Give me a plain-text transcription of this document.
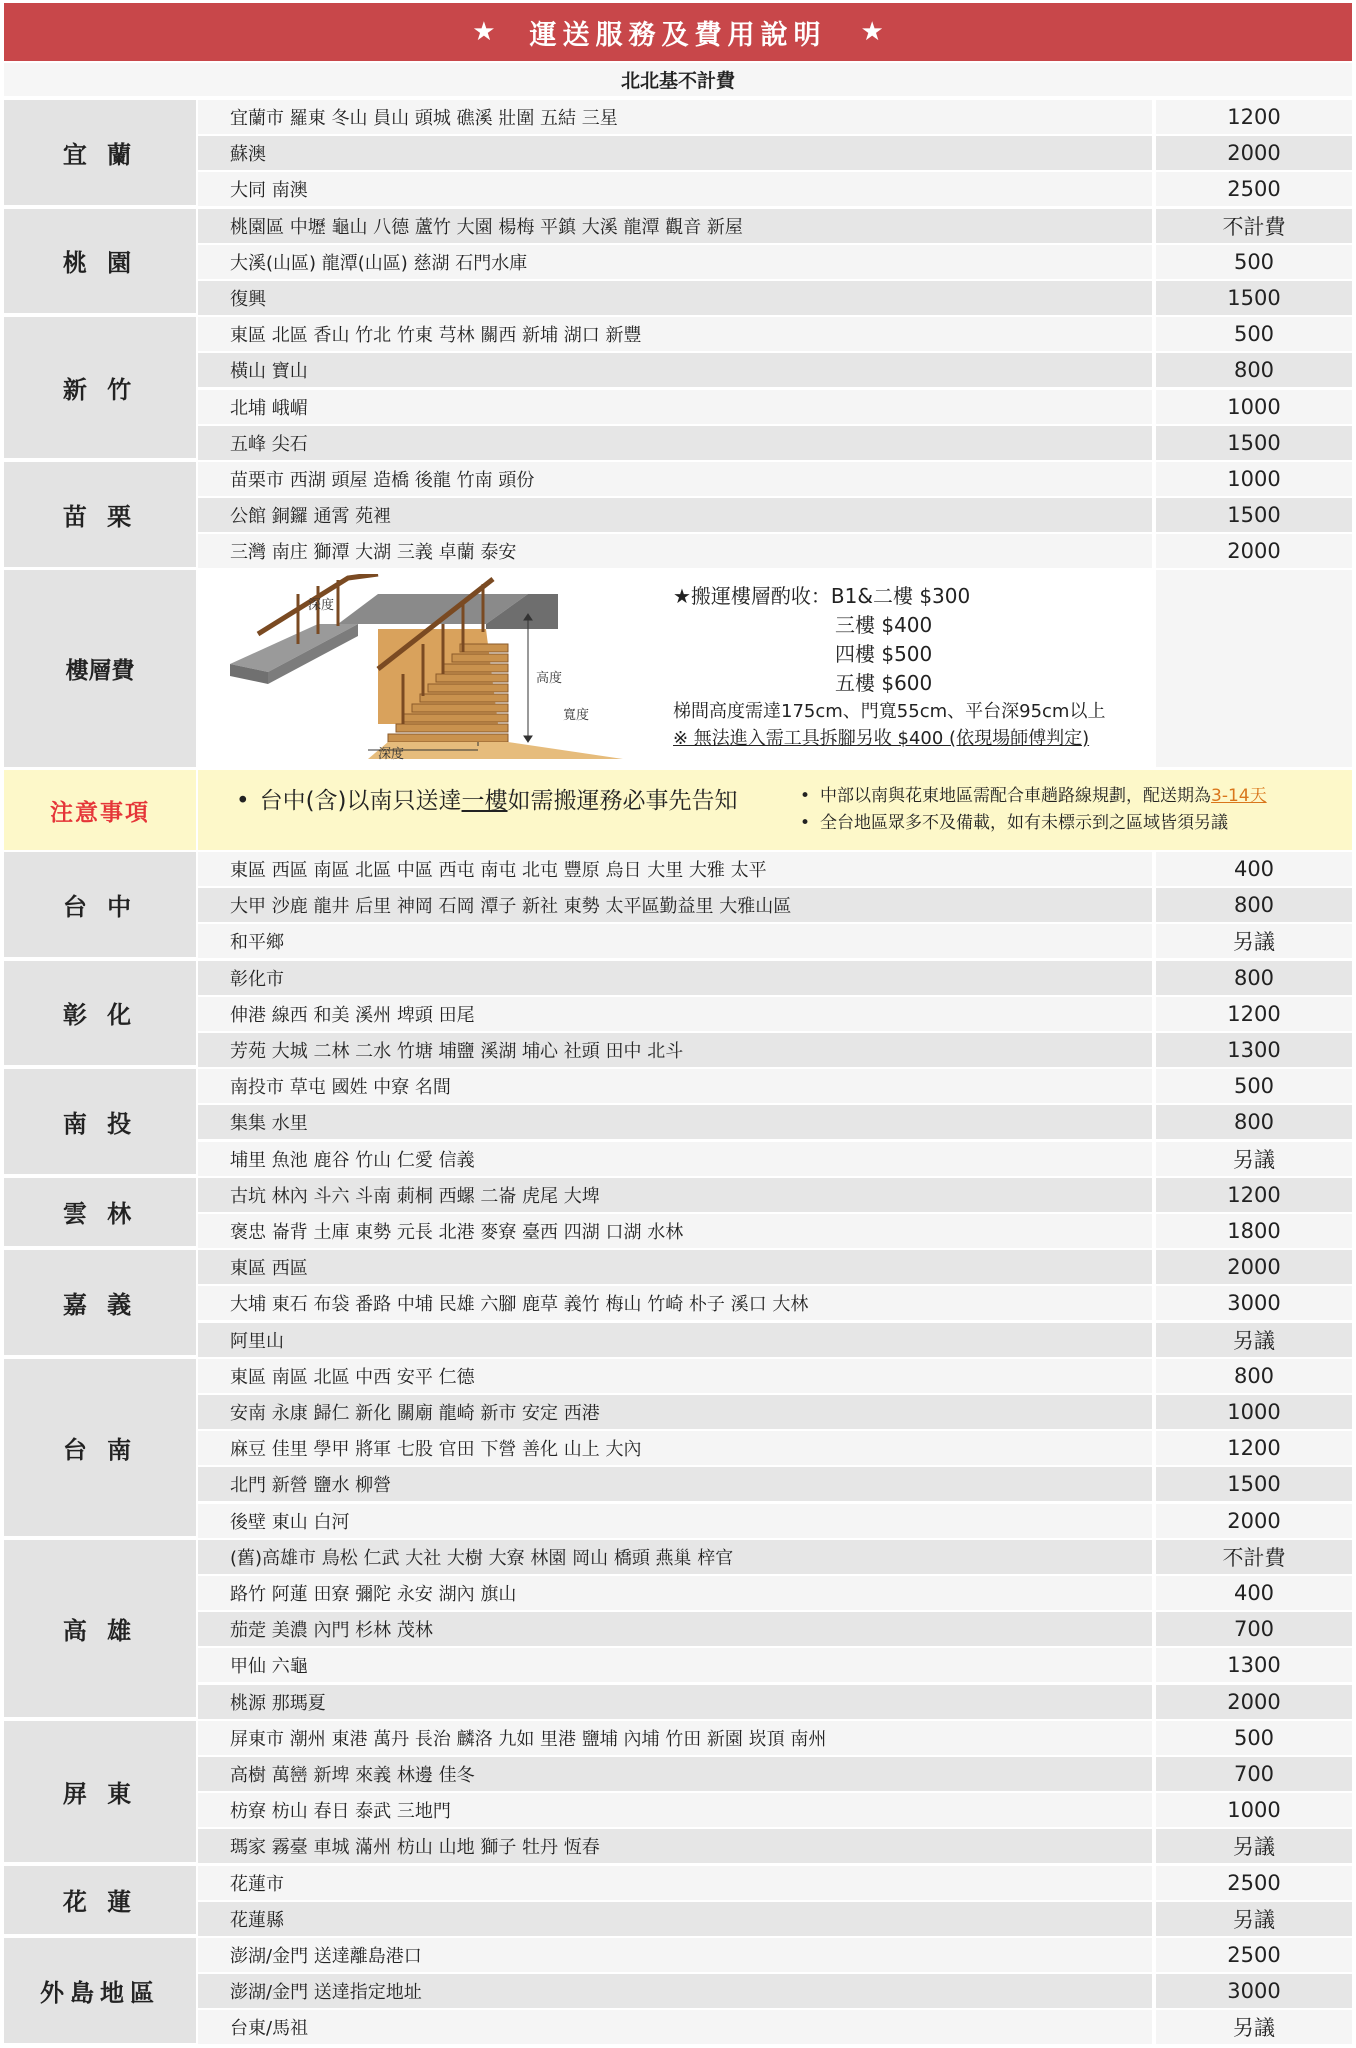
★ 運送服務及費用說明 ★
北北基不計費
宜 蘭
宜蘭市 羅東 冬山 員山 頭城 礁溪 壯圍 五結 三星	1200
蘇澳	2000
大同 南澳	2500
桃 園
桃園區 中壢 龜山 八德 蘆竹 大園 楊梅 平鎮 大溪 龍潭 觀音 新屋	不計費
大溪(山區) 龍潭(山區) 慈湖 石門水庫	500
復興	1500
新 竹
東區 北區 香山 竹北 竹東 芎林 關西 新埔 湖口 新豐	500
橫山 寶山	800
北埔 峨嵋	1000
五峰 尖石	1500
苗 栗
苗栗市 西湖 頭屋 造橋 後龍 竹南 頭份	1000
公館 銅鑼 通霄 苑裡	1500
三灣 南庄 獅潭 大湖 三義 卓蘭 泰安	2000
台 中
東區 西區 南區 北區 中區 西屯 南屯 北屯 豐原 烏日 大里 大雅 太平	400
大甲 沙鹿 龍井 后里 神岡 石岡 潭子 新社 東勢 太平區勤益里 大雅山區	800
和平鄉	另議
彰 化
彰化市	800
伸港 線西 和美 溪州 埤頭 田尾	1200
芳苑 大城 二林 二水 竹塘 埔鹽 溪湖 埔心 社頭 田中 北斗	1300
南 投
南投市 草屯 國姓 中寮 名間	500
集集 水里	800
埔里 魚池 鹿谷 竹山 仁愛 信義	另議
雲 林
古坑 林內 斗六 斗南 莿桐 西螺 二崙 虎尾 大埤	1200
褒忠 崙背 土庫 東勢 元長 北港 麥寮 臺西 四湖 口湖 水林	1800
嘉 義
東區 西區	2000
大埔 東石 布袋 番路 中埔 民雄 六腳 鹿草 義竹 梅山 竹崎 朴子 溪口 大林	3000
阿里山	另議
台 南
東區 南區 北區 中西 安平 仁德	800
安南 永康 歸仁 新化 關廟 龍崎 新市 安定 西港	1000
麻豆 佳里 學甲 將軍 七股 官田 下營 善化 山上 大內	1200
北門 新營 鹽水 柳營	1500
後壁 東山 白河	2000
高 雄
(舊)高雄市 鳥松 仁武 大社 大樹 大寮 林園 岡山 橋頭 燕巢 梓官	不計費
路竹 阿蓮 田寮 彌陀 永安 湖內 旗山	400
茄萣 美濃 內門 杉林 茂林	700
甲仙 六龜	1300
桃源 那瑪夏	2000
屏 東
屏東市 潮州 東港 萬丹 長治 麟洛 九如 里港 鹽埔 內埔 竹田 新園 崁頂 南州	500
高樹 萬巒 新埤 來義 林邊 佳冬	700
枋寮 枋山 春日 泰武 三地門	1000
瑪家 霧臺 車城 滿州 枋山 山地 獅子 牡丹 恆春	另議
花 蓮
花蓮市	2500
花蓮縣	另議
外島地區
澎湖/金門 送達離島港口	2500
澎湖/金門 送達指定地址	3000
台東/馬祖	另議
樓層費
深度
高度
寬度
深度
★搬運樓層酌收：B1&二樓 $300
三樓 $400
四樓 $500
五樓 $600
梯間高度需達175cm、門寬55cm、平台深95cm以上
※ 無法進入需工具拆腳另收 $400 (依現場師傅判定)
注意事項	• 台中(含)以南只送達一樓如需搬運務必事先告知	• 中部以南與花東地區需配合車趟路線規劃，配送期為3-14天
• 全台地區眾多不及備載，如有未標示到之區域皆須另議
